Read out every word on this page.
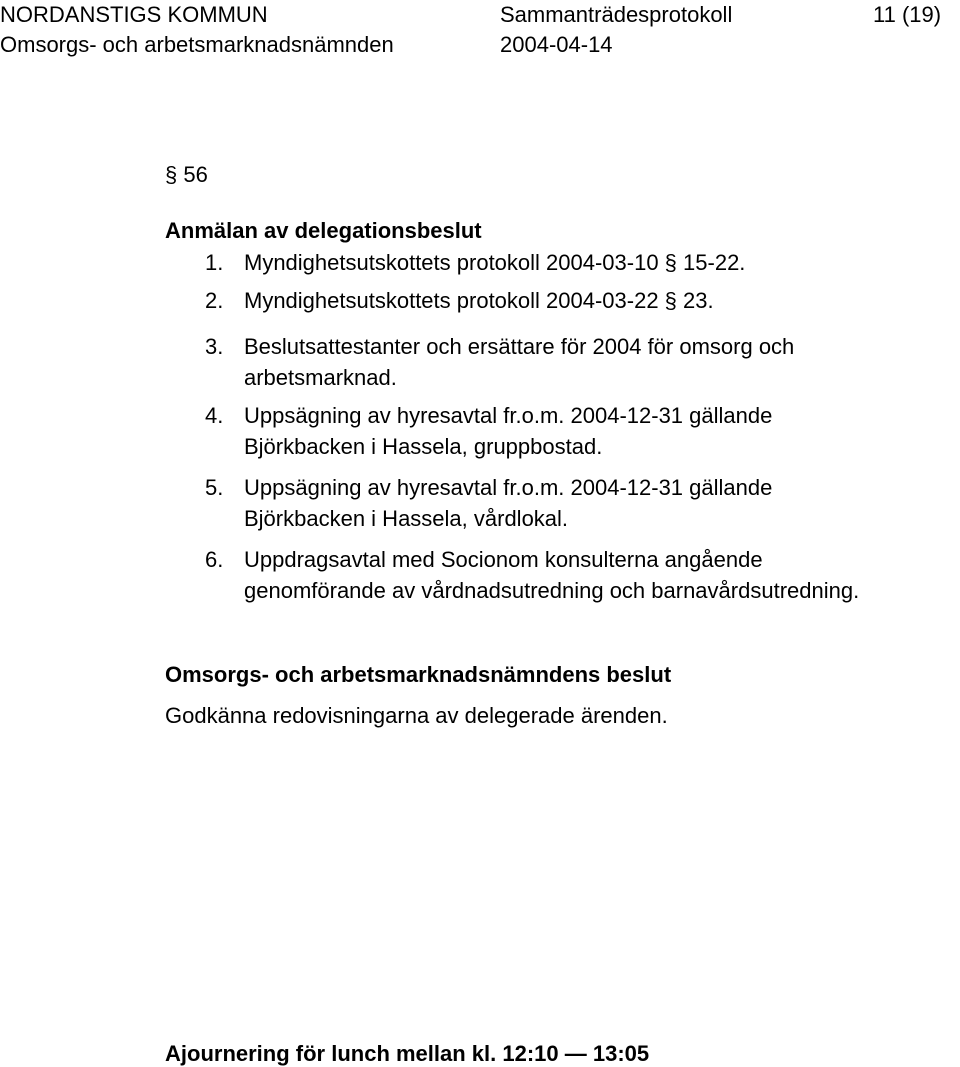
NORDANSTIGS KOMMUN	Sammanträdesprotokoll	11 (19)
Omsorgs- och arbetsmarknadsnämnden	2004-04-14
§ 56
Anmälan av delegationsbeslut
1. Myndighetsutskottets protokoll 2004-03-10 § 15-22.
2. Myndighetsutskottets protokoll 2004-03-22 § 23.
3. Beslutsattestanter och ersättare för 2004 för omsorg och
arbetsmarknad.
4. Uppsägning av hyresavtal fr.o.m. 2004-12-31 gällande
Björkbacken i Hassela, gruppbostad.
5. Uppsägning av hyresavtal fr.o.m. 2004-12-31 gällande
Björkbacken i Hassela, vårdlokal.
6. Uppdragsavtal med Socionom konsulterna angående
genomförande av vårdnadsutredning och barnavårdsutredning.
Omsorgs- och arbetsmarknadsnämndens beslut
Godkänna redovisningarna av delegerade ärenden.
Ajournering för lunch mellan kl. 12:10 — 13:05
